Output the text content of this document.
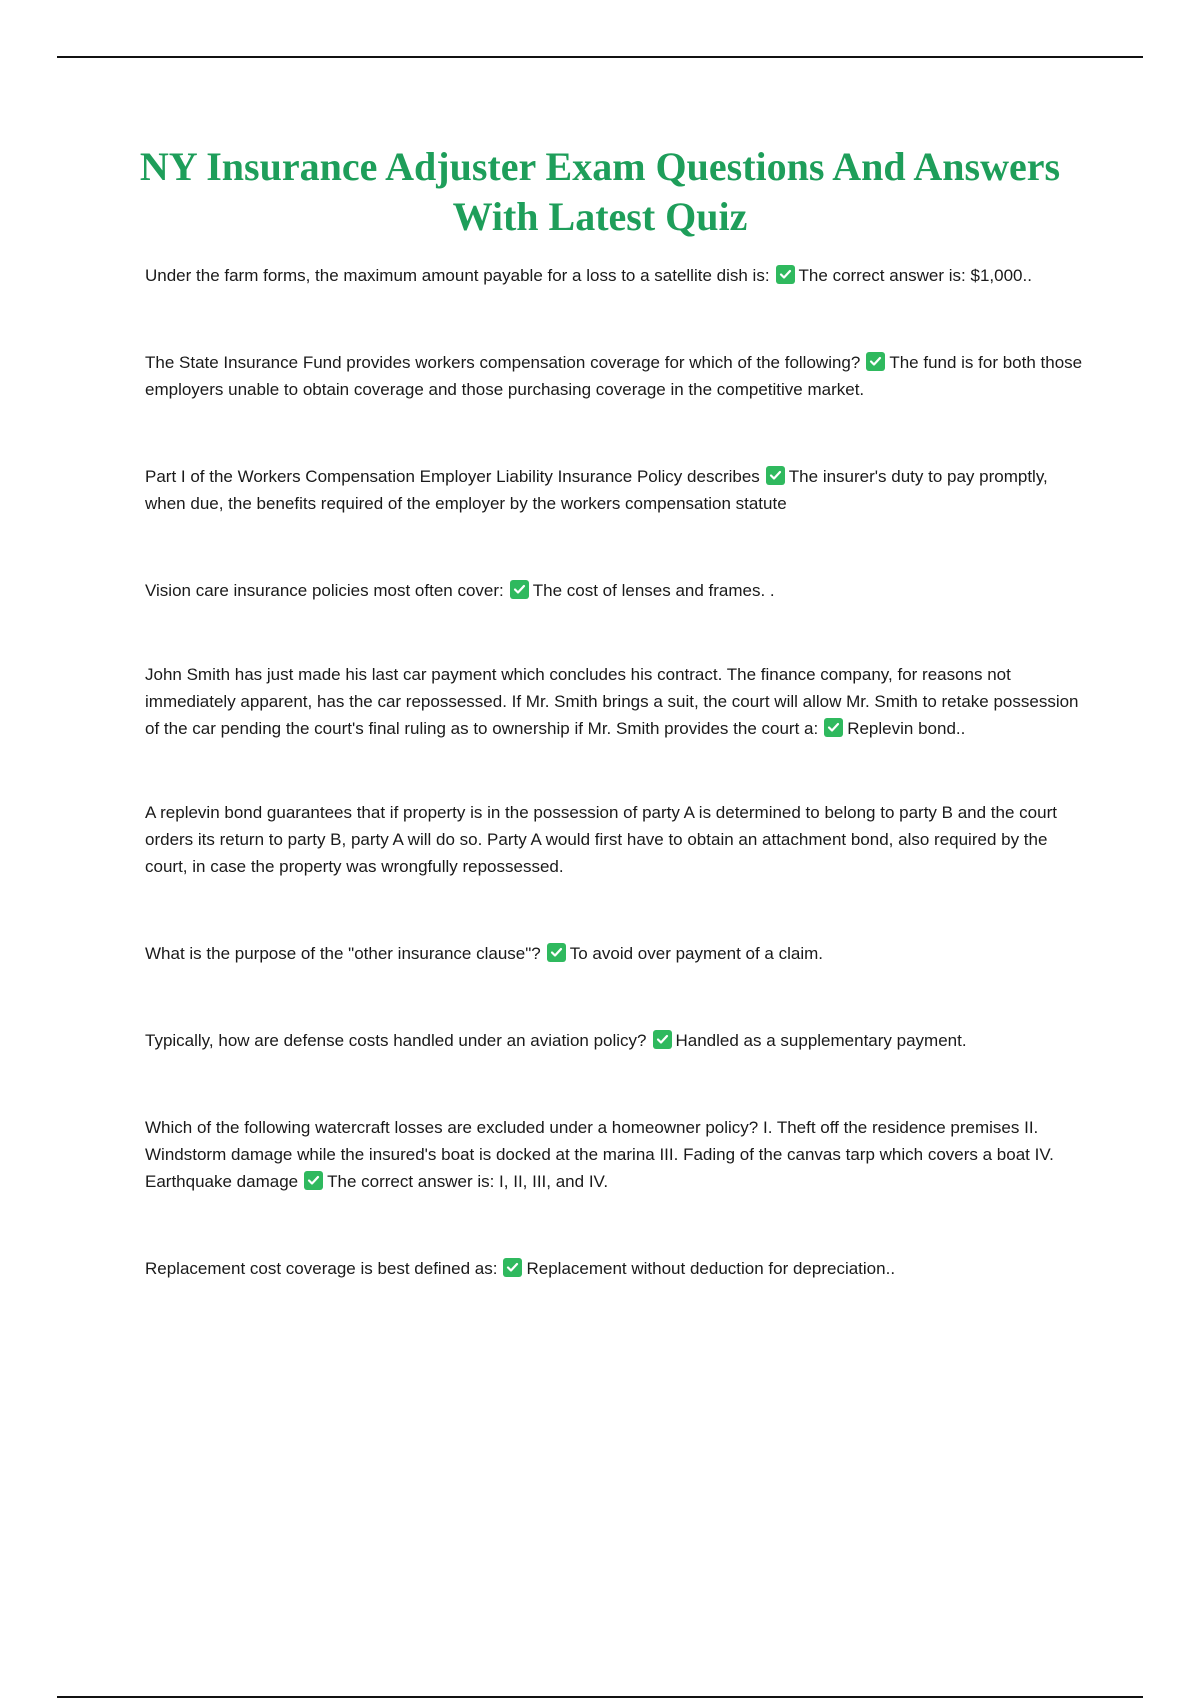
NY Insurance Adjuster Exam Questions And Answers With Latest Quiz

Under the farm forms, the maximum amount payable for a loss to a satellite dish is: The correct answer is: $1,000..

The State Insurance Fund provides workers compensation coverage for which of the following? The fund is for both those employers unable to obtain coverage and those purchasing coverage in the competitive market.

Part I of the Workers Compensation Employer Liability Insurance Policy describes The insurer's duty to pay promptly, when due, the benefits required of the employer by the workers compensation statute

Vision care insurance policies most often cover: The cost of lenses and frames. .

John Smith has just made his last car payment which concludes his contract. The finance company, for reasons not immediately apparent, has the car repossessed. If Mr. Smith brings a suit, the court will allow Mr. Smith to retake possession of the car pending the court's final ruling as to ownership if Mr. Smith provides the court a: Replevin bond..

A replevin bond guarantees that if property is in the possession of party A is determined to belong to party B and the court orders its return to party B, party A will do so. Party A would first have to obtain an attachment bond, also required by the court, in case the property was wrongfully repossessed.

What is the purpose of the "other insurance clause"? To avoid over payment of a claim.

Typically, how are defense costs handled under an aviation policy? Handled as a supplementary payment.

Which of the following watercraft losses are excluded under a homeowner policy? I. Theft off the residence premises II. Windstorm damage while the insured's boat is docked at the marina III. Fading of the canvas tarp which covers a boat IV. Earthquake damage The correct answer is: I, II, III, and IV.

Replacement cost coverage is best defined as: Replacement without deduction for depreciation..
